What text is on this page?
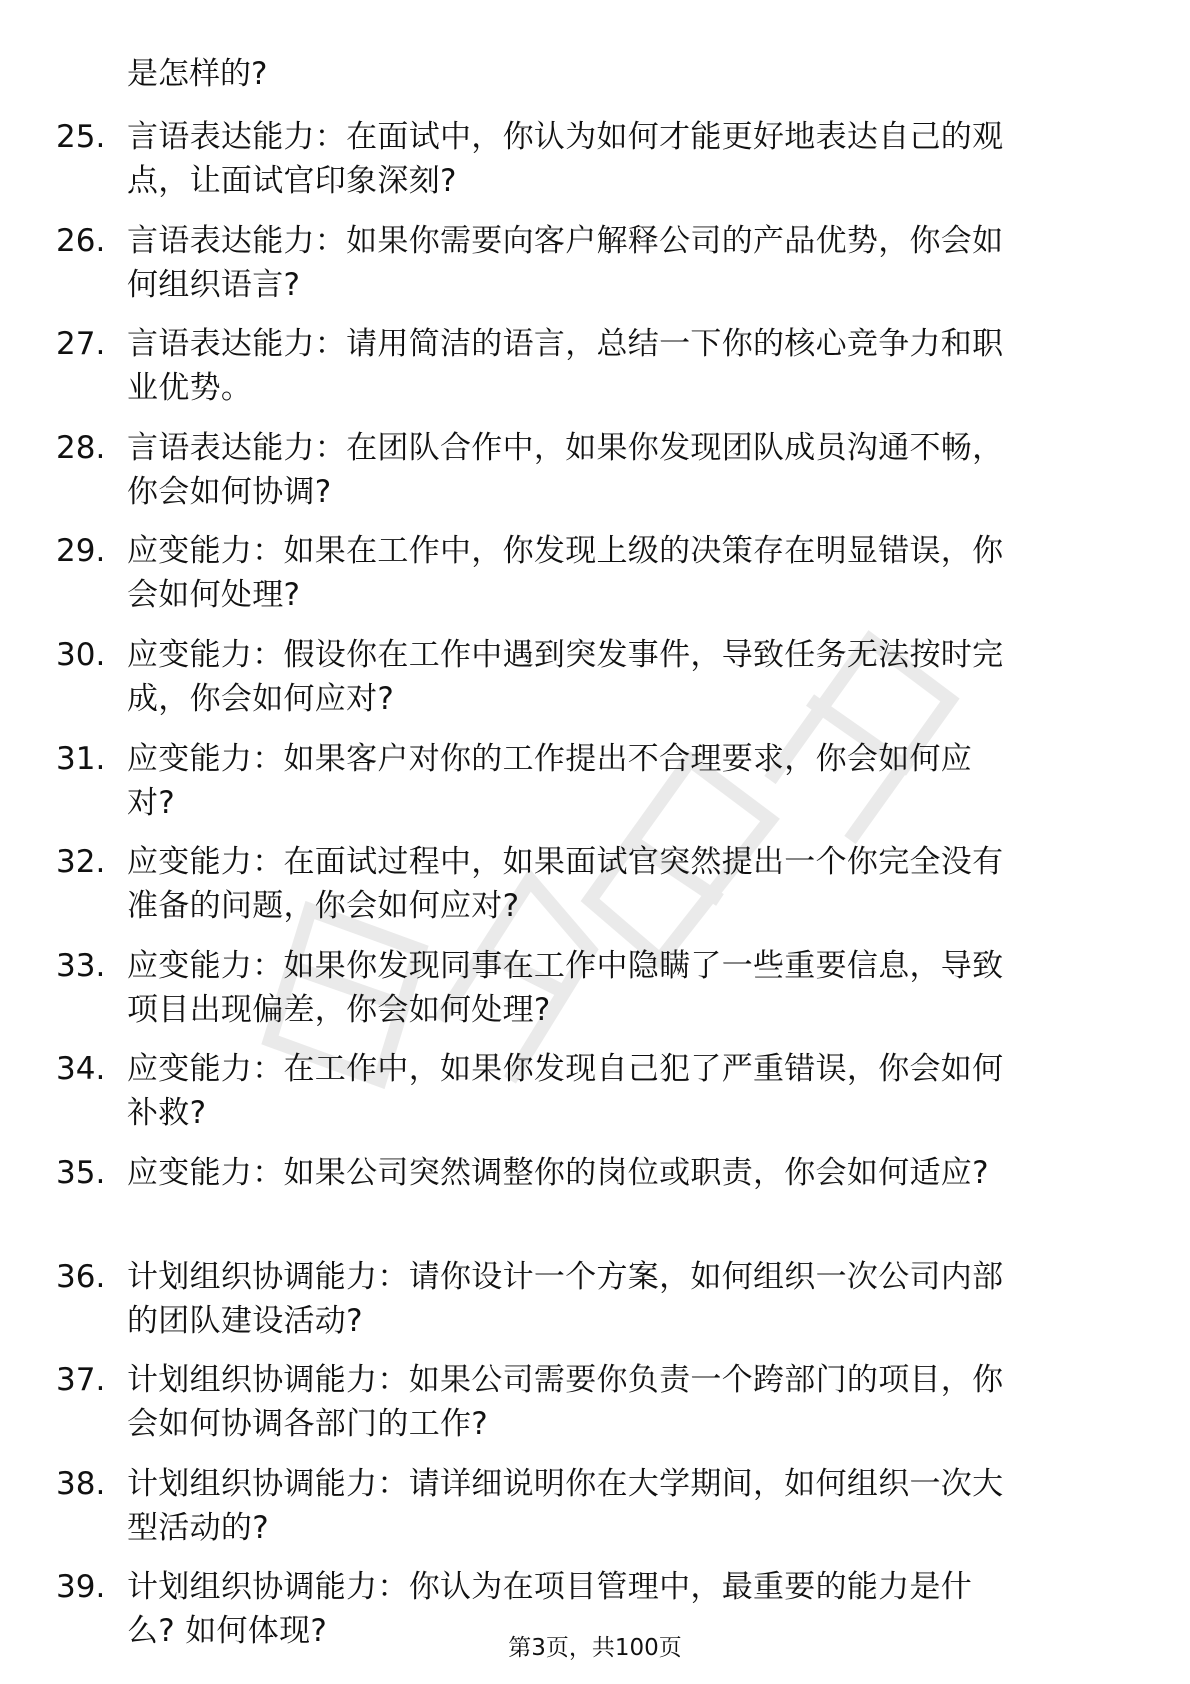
是怎样的?
25. 言语表达能力：在面试中，你认为如何才能更好地表达自己的观
点，让面试官印象深刻?
26. 言语表达能力：如果你需要向客户解释公司的产品优势，你会如
何组织语言?
27. 言语表达能力：请用简洁的语言，总结一下你的核心竞争力和职
业优势。
28. 言语表达能力：在团队合作中，如果你发现团队成员沟通不畅，
你会如何协调?
29. 应变能力：如果在工作中，你发现上级的决策存在明显错误，你
会如何处理?
30. 应变能力：假设你在工作中遇到突发事件，导致任务无法按时完
成，你会如何应对?
31. 应变能力：如果客户对你的工作提出不合理要求，你会如何应
对?
32. 应变能力：在面试过程中，如果面试官突然提出一个你完全没有
准备的问题，你会如何应对?
33. 应变能力：如果你发现同事在工作中隐瞒了一些重要信息，导致
项目出现偏差，你会如何处理?
34. 应变能力：在工作中，如果你发现自己犯了严重错误，你会如何
补救?
35. 应变能力：如果公司突然调整你的岗位或职责，你会如何适应?
36. 计划组织协调能力：请你设计一个方案，如何组织一次公司内部
的团队建设活动?
37. 计划组织协调能力：如果公司需要你负责一个跨部门的项目，你
会如何协调各部门的工作?
38. 计划组织协调能力：请详细说明你在大学期间，如何组织一次大
型活动的?
39. 计划组织协调能力：你认为在项目管理中，最重要的能力是什
么? 如何体现?	第3页，共100页
